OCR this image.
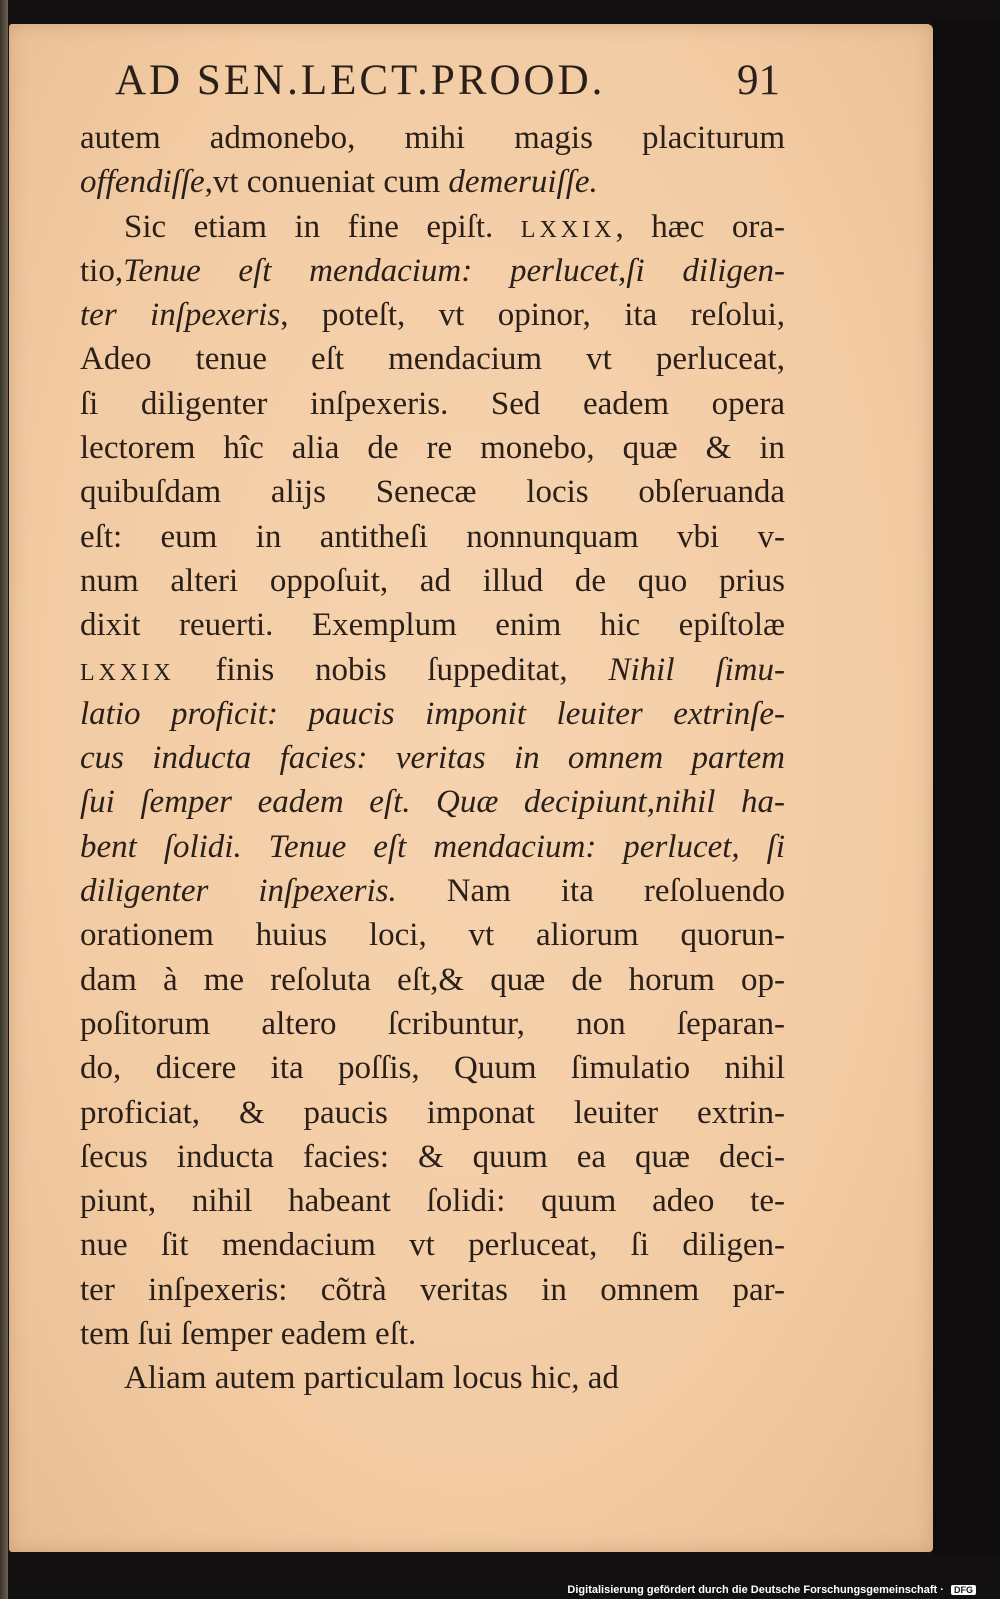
AD SEN.LECT.PROOD.	91
autem admonebo, mihi magis placiturum
offendiſſe,vt conueniat cum demeruiſſe.
Sic etiam in fine epiſt. LXXIX, hæc ora-
tio,Tenue eſt mendacium: perlucet,ſi diligen-
ter inſpexeris, poteſt, vt opinor, ita reſolui,
Adeo tenue eſt mendacium vt perluceat,
ſi diligenter inſpexeris. Sed eadem opera
lectorem hîc alia de re monebo, quæ & in
quibuſdam alijs Senecæ locis obſeruanda
eſt: eum in antitheſi nonnunquam vbi v-
num alteri oppoſuit, ad illud de quo prius
dixit reuerti. Exemplum enim hic epiſtolæ
LXXIX finis nobis ſuppeditat, Nihil ſimu-
latio proficit: paucis imponit leuiter extrinſe-
cus inducta facies: veritas in omnem partem
ſui ſemper eadem eſt. Quæ decipiunt,nihil ha-
bent ſolidi. Tenue eſt mendacium: perlucet, ſi
diligenter inſpexeris. Nam ita reſoluendo
orationem huius loci, vt aliorum quorun-
dam à me reſoluta eſt,& quæ de horum op-
poſitorum altero ſcribuntur, non ſeparan-
do, dicere ita poſſis, Quum ſimulatio nihil
proficiat, & paucis imponat leuiter extrin-
ſecus inducta facies: & quum ea quæ deci-
piunt, nihil habeant ſolidi: quum adeo te-
nue ſit mendacium vt perluceat, ſi diligen-
ter inſpexeris: cõtrà veritas in omnem par-
tem ſui ſemper eadem eſt.
Aliam autem particulam locus hic, ad
Digitalisierung gefördert durch die Deutsche Forschungsgemeinschaft · DFG
